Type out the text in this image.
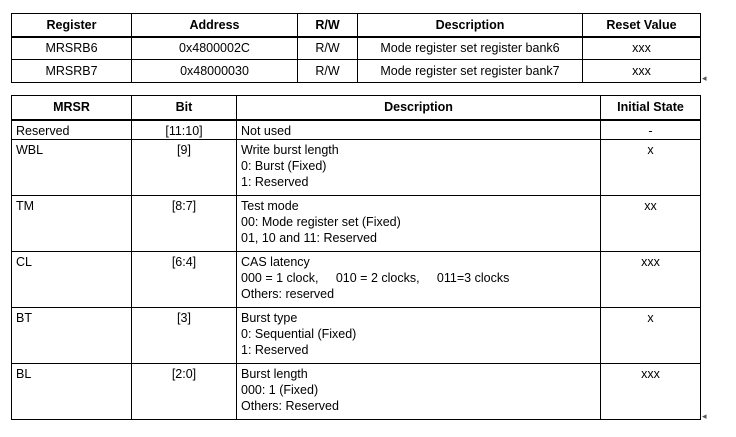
Register	Address	R/W	Description	Reset Value
MRSRB6	0x4800002C	R/W	Mode register set register bank6	xxx
MRSRB7	0x48000030	R/W	Mode register set register bank7	xxx
MRSR	Bit	Description	Initial State
Reserved	[11:10]	Not used	-
WBL	[9]	Write burst length
0: Burst (Fixed)
1: Reserved	x
TM	[8:7]	Test mode
00: Mode register set (Fixed)
01, 10 and 11: Reserved	xx
CL	[6:4]	CAS latency
000 = 1 clock,     010 = 2 clocks,     011=3 clocks
Others: reserved	xxx
BT	[3]	Burst type
0: Sequential (Fixed)
1: Reserved	x
BL	[2:0]	Burst length
000: 1 (Fixed)
Others: Reserved	xxx
◂
◂
